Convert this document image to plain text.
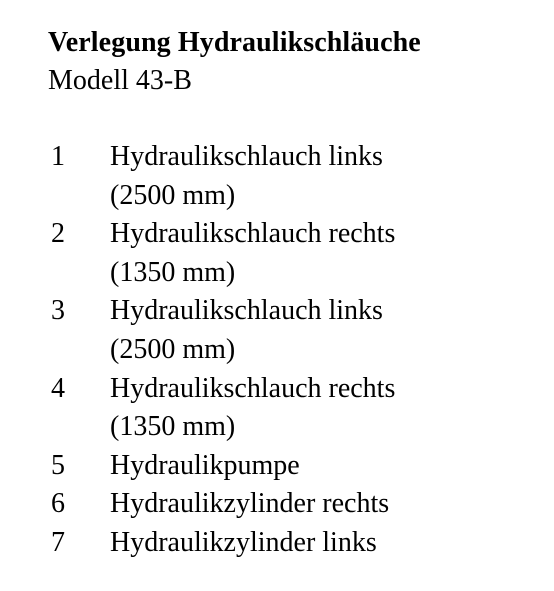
Verlegung Hydraulikschläuche
Modell 43-B
1	Hydraulikschlauch links
(2500 mm)
2	Hydraulikschlauch rechts
(1350 mm)
3	Hydraulikschlauch links
(2500 mm)
4	Hydraulikschlauch rechts
(1350 mm)
5	Hydraulikpumpe
6	Hydraulikzylinder rechts
7	Hydraulikzylinder links
